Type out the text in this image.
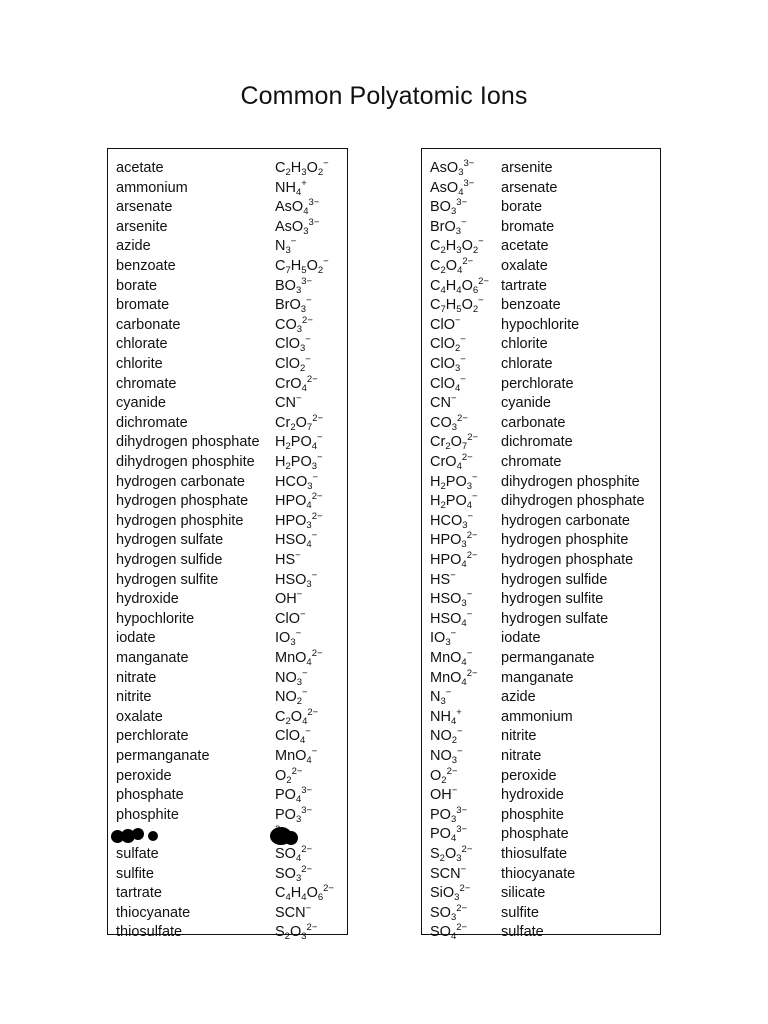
Common Polyatomic Ions
acetate	$C_2H_3O_2^-$
ammonium	$NH_4^+$
arsenate	AsO$_4^{3-}$
arsenite	AsO$_3^{3-}$
azide	$N_3^-$
benzoate	$C_7H_5O_2^-$
borate	$BO_3^{3-}$
bromate	BrO$_3$−
carbonate	$CO_3^{2-}$
chlorate	ClO$_3$−
chlorite	ClO$_2$−
chromate	CrO$_4^{2-}$
cyanide	CN−
dichromate	$Cr_2O_7^{2-}$
dihydrogen phosphate $H_2PO_4^-$
dihydrogen phosphite $H_2PO_3^-$
hydrogen carbonate $HCO_3^-$
hydrogen phosphate $HPO_4^{2-}$
hydrogen phosphite $HPO_3^{2-}$
hydrogen sulfate	$HSO_4^-$
hydrogen sulfide	HS−
hydrogen sulfite	$HSO_3^-$
hydroxide	OH−
hypochlorite	ClO−
iodate	$IO_3^-$
manganate	MnO$_4^{2-}$
nitrate	$NO_3^-$
nitrite	$NO_2^-$
oxalate	$C_2O_4^{2-}$
perchlorate	ClO$_4$−
permanganate	MnO$_4$−
peroxide	$O_2^{2-}$
phosphate	$PO_4^{3-}$
phosphite	$PO_3^{3-}$
sulfate	$SO_4^{2-}$
sulfite	$SO_3^{2-}$
tartrate	$C_4H_4O_6^{2-}$
thiocyanate	SCN−
thiosulfate	$S_2O_3^{2-}$
AsO$_3^{3-}$ arsenite
AsO$_4^{3-}$ arsenate
$BO_3^{3-}$ borate
BrO$_3$− bromate
$C_2H_3O_2^-$ acetate
$C_2O_4^{2-}$ oxalate
$C_4H_4O_6^{2-}$ tartrate
$C_7H_5O_2^-$ benzoate
ClO−	hypochlorite
ClO$_2$− chlorite
ClO$_3$− chlorate
ClO$_4$− perchlorate
CN−	cyanide
$CO_3^{2-}$ carbonate
$Cr_2O_7^{2-}$ dichromate
CrO$_4^{2-}$ chromate
$H_2PO_3^-$ dihydrogen phosphite
$H_2PO_4^-$ dihydrogen phosphate
$HCO_3^-$ hydrogen carbonate
$HPO_3^{2-}$ hydrogen phosphite
$HPO_4^{2-}$ hydrogen phosphate
HS−	hydrogen sulfide
$HSO_3^-$ hydrogen sulfite
$HSO_4^-$ hydrogen sulfate
$IO_3^-$	iodate
MnO$_4$− permanganate
MnO$_4^{2-}$ manganate
$N_3^-$	azide
$NH_4^+$	ammonium
$NO_2^-$	nitrite
$NO_3^-$	nitrate
$O_2^{2-}$	peroxide
OH−	hydroxide
$PO_3^{3-}$ phosphite
$PO_4^{3-}$ phosphate
$S_2O_3^{2-}$ thiosulfate
SCN− thiocyanate
SiO$_3^{2-}$ silicate
$SO_3^{2-}$ sulfite
$SO_4^{2-}$ sulfate
